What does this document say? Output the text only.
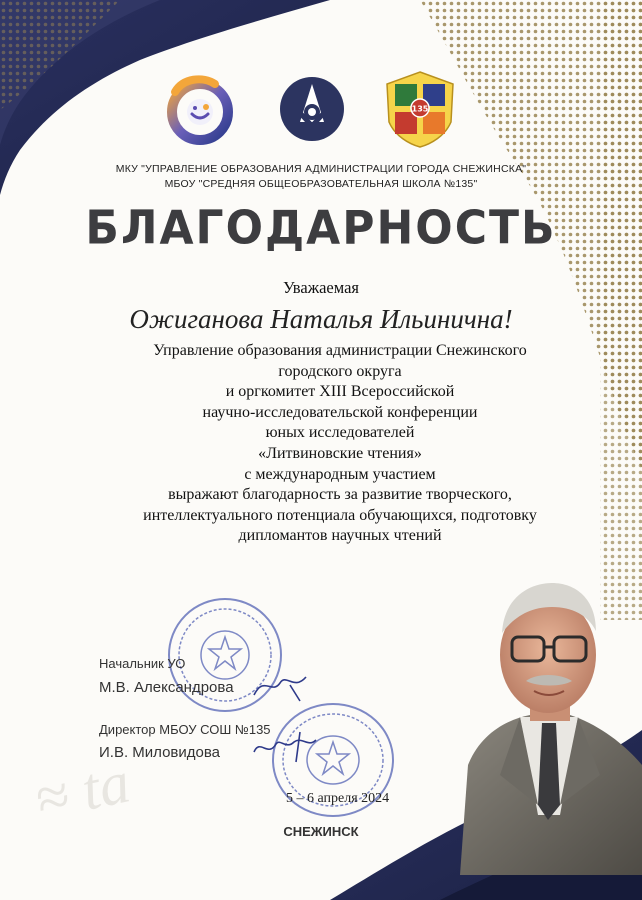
≈ ta
135
МКУ "УПРАВЛЕНИЕ ОБРАЗОВАНИЯ АДМИНИСТРАЦИИ ГОРОДА СНЕЖИНСКА"
МБОУ "СРЕДНЯЯ ОБЩЕОБРАЗОВАТЕЛЬНАЯ ШКОЛА №135"
БЛАГОДАРНОСТЬ
Уважаемая
Ожиганова Наталья Ильинична!
Управление образования администрации Снежинского
городского округа
и оргкомитет XIII Всероссийской
научно-исследовательской конференции
юных исследователей
«Литвиновские чтения»
с международным участием
выражают благодарность за развитие творческого,
интеллектуального потенциала обучающихся, подготовку
дипломантов научных чтений
Начальник УО
М.В. Александрова
Директор МБОУ СОШ №135
И.В. Миловидова
5 – 6 апреля 2024
СНЕЖИНСК
